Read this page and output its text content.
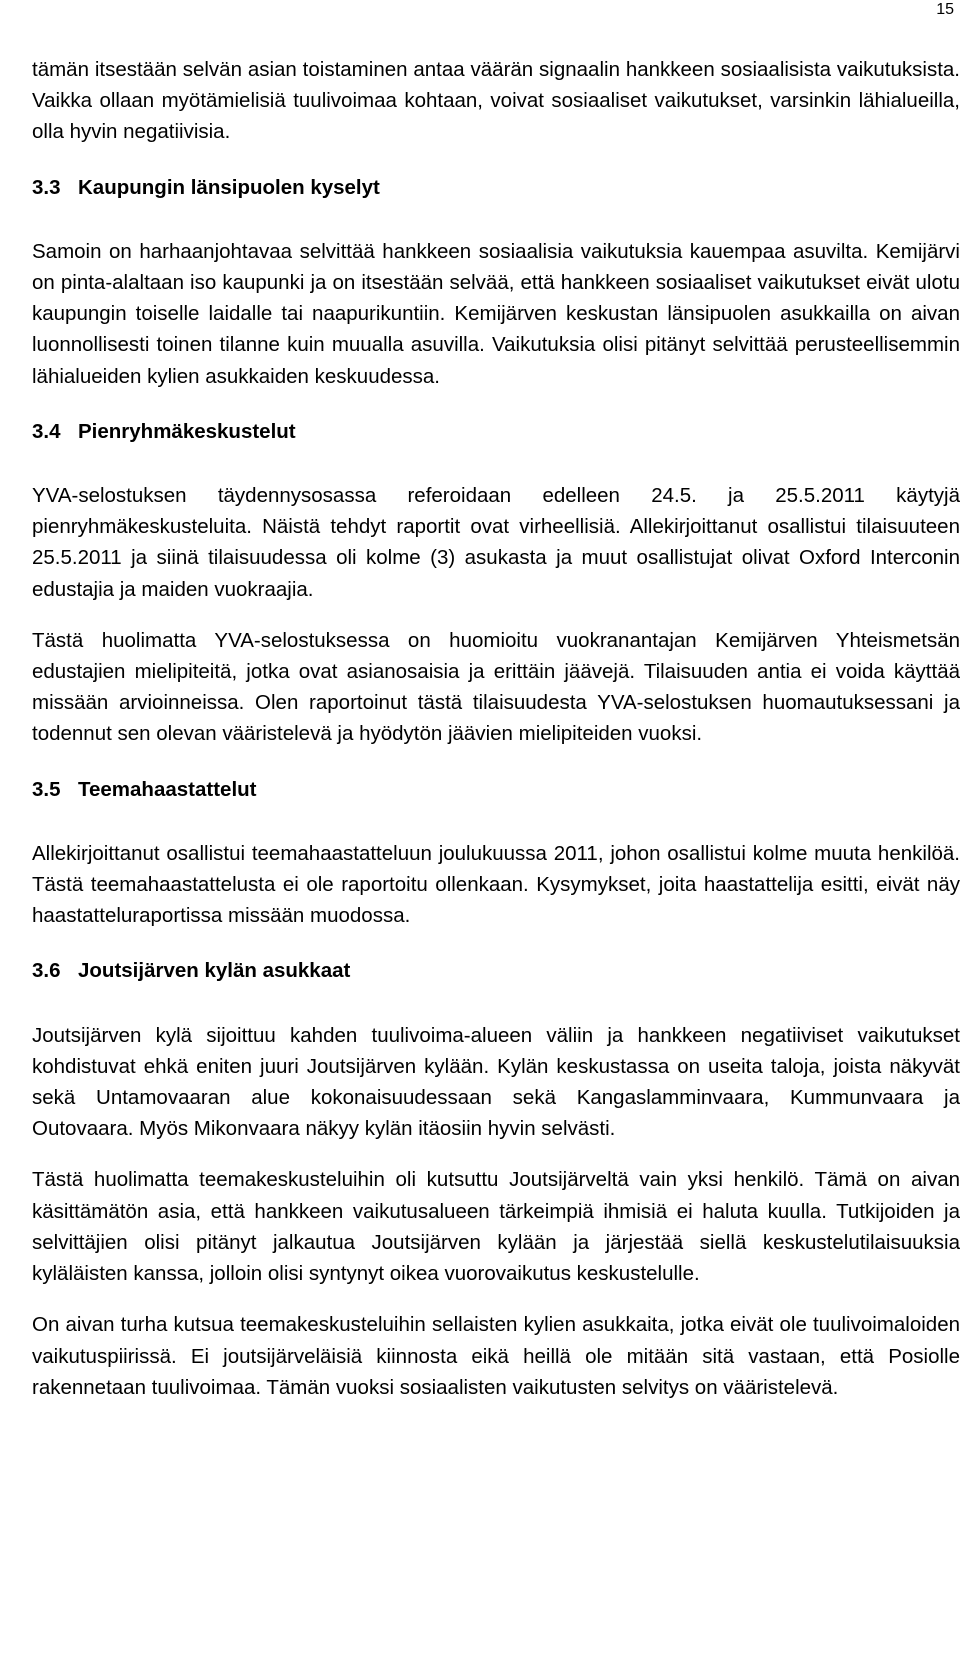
15

tämän itsestään selvän asian toistaminen antaa väärän signaalin hankkeen sosiaalisista vaikutuksista. Vaikka ollaan myötämielisiä tuulivoimaa kohtaan, voivat sosiaaliset vaikutukset, varsinkin lähialueilla, olla hyvin negatiivisia.

3.3 Kaupungin länsipuolen kyselyt

Samoin on harhaanjohtavaa selvittää hankkeen sosiaalisia vaikutuksia kauempaa asuvilta. Kemijärvi on pinta-alaltaan iso kaupunki ja on itsestään selvää, että hankkeen sosiaaliset vaikutukset eivät ulotu kaupungin toiselle laidalle tai naapurikuntiin. Kemijärven keskustan länsipuolen asukkailla on aivan luonnollisesti toinen tilanne kuin muualla asuvilla. Vaikutuksia olisi pitänyt selvittää perusteellisemmin lähialueiden kylien asukkaiden keskuudessa.

3.4 Pienryhmäkeskustelut

YVA-selostuksen täydennysosassa referoidaan edelleen 24.5. ja 25.5.2011 käytyjä pienryhmäkeskusteluita. Näistä tehdyt raportit ovat virheellisiä. Allekirjoittanut osallistui tilaisuuteen 25.5.2011 ja siinä tilaisuudessa oli kolme (3) asukasta ja muut osallistujat olivat Oxford Interconin edustajia ja maiden vuokraajia.

Tästä huolimatta YVA-selostuksessa on huomioitu vuokranantajan Kemijärven Yhteismetsän edustajien mielipiteitä, jotka ovat asianosaisia ja erittäin jäävejä. Tilaisuuden antia ei voida käyttää missään arvioinneissa. Olen raportoinut tästä tilaisuudesta YVA-selostuksen huomautuksessani ja todennut sen olevan vääristelevä ja hyödytön jäävien mielipiteiden vuoksi.

3.5 Teemahaastattelut

Allekirjoittanut osallistui teemahaastatteluun joulukuussa 2011, johon osallistui kolme muuta henkilöä. Tästä teemahaastattelusta ei ole raportoitu ollenkaan. Kysymykset, joita haastattelija esitti, eivät näy haastatteluraportissa missään muodossa.

3.6 Joutsijärven kylän asukkaat

Joutsijärven kylä sijoittuu kahden tuulivoima-alueen väliin ja hankkeen negatiiviset vaikutukset kohdistuvat ehkä eniten juuri Joutsijärven kylään. Kylän keskustassa on useita taloja, joista näkyvät sekä Untamovaaran alue kokonaisuudessaan sekä Kangaslamminvaara, Kummunvaara ja Outovaara. Myös Mikonvaara näkyy kylän itäosiin hyvin selvästi.

Tästä huolimatta teemakeskusteluihin oli kutsuttu Joutsijärveltä vain yksi henkilö. Tämä on aivan käsittämätön asia, että hankkeen vaikutusalueen tärkeimpiä ihmisiä ei haluta kuulla. Tutkijoiden ja selvittäjien olisi pitänyt jalkautua Joutsijärven kylään ja järjestää siellä keskustelutilaisuuksia kyläläisten kanssa, jolloin olisi syntynyt oikea vuorovaikutus keskustelulle.

On aivan turha kutsua teemakeskusteluihin sellaisten kylien asukkaita, jotka eivät ole tuulivoimaloiden vaikutuspiirissä. Ei joutsijärveläisiä kiinnosta eikä heillä ole mitään sitä vastaan, että Posiolle rakennetaan tuulivoimaa. Tämän vuoksi sosiaalisten vaikutusten selvitys on vääristelevä.
